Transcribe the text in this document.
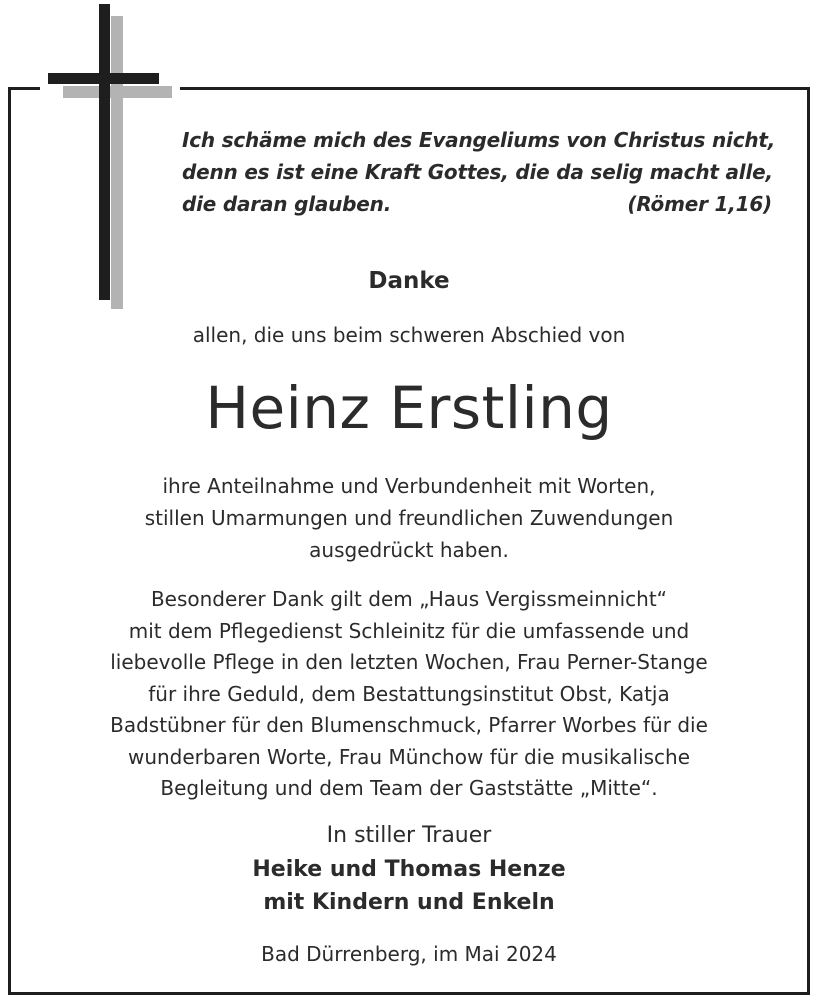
Ich schäme mich des Evangeliums von Christus nicht,
denn es ist eine Kraft Gottes, die da selig macht alle,
die daran glauben.	(Römer 1,16)
Danke
allen, die uns beim schweren Abschied von
Heinz Erstling
ihre Anteilnahme und Verbundenheit mit Worten,
stillen Umarmungen und freundlichen Zuwendungen
ausgedrückt haben.
Besonderer Dank gilt dem „Haus Vergissmeinnicht“
mit dem Pflegedienst Schleinitz für die umfassende und
liebevolle Pflege in den letzten Wochen, Frau Perner-Stange
für ihre Geduld, dem Bestattungsinstitut Obst, Katja
Badstübner für den Blumenschmuck, Pfarrer Worbes für die
wunderbaren Worte, Frau Münchow für die musikalische
Begleitung und dem Team der Gaststätte „Mitte“.
In stiller Trauer
Heike und Thomas Henze
mit Kindern und Enkeln
Bad Dürrenberg, im Mai 2024
